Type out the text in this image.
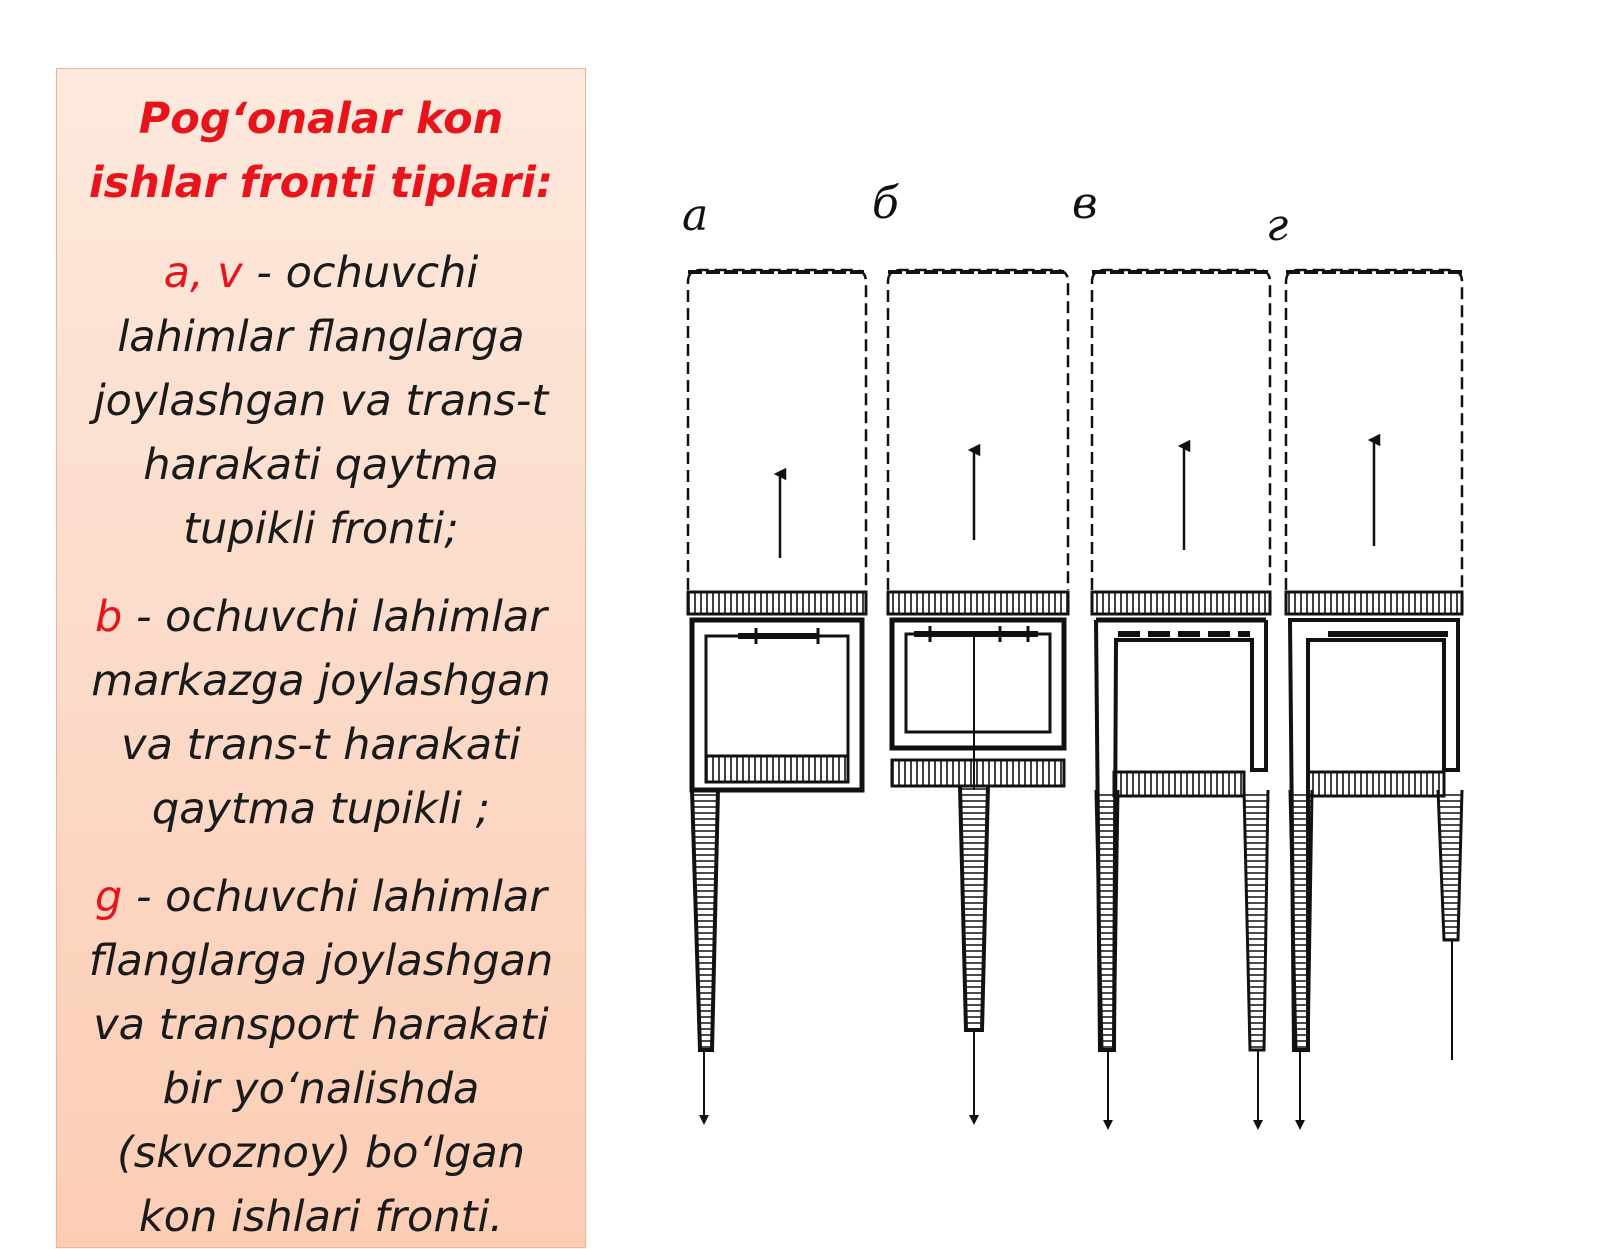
Pog‘onalar kon ishlar fronti tiplari:

a, v - ochuvchi lahimlar flanglarga joylashgan va trans-t harakati qaytma tupikli fronti;

b - ochuvchi lahimlar markazga joylashgan va trans-t harakati qaytma tupikli ;

g - ochuvchi lahimlar flanglarga joylashgan va transport harakati bir yo‘nalishda (skvoznoy) bo‘lgan kon ishlari fronti.

а	б	в	г
